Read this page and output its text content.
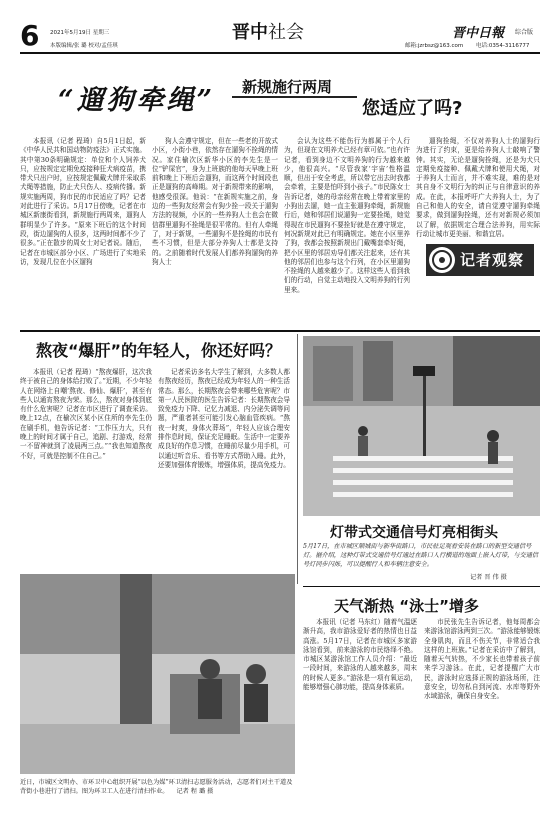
6 2021年5月19日 星期三
本版编辑/张 璐 校对/孟佳琪
晋中社会	晋中日報 综合版
邮箱:jzrbsz@163.com 电话:0354-3116777
“遛狗牵绳” 新规施行两周
您适应了吗?

本报讯（记者 程琦）自5月1日起，新《中华人民共和国动物防疫法》正式实施。其中第30条明确规定：单位和个人饲养犬只，应按规定定期免疫接种狂犬病疫苗，携带犬只出户时，应按规定佩戴犬牌并采取系犬绳等措施，防止犬只伤人、疫病传播。新规实施两周，狗市民的市民适应了吗？记者对此进行了采访。5月17日傍晚，记者在市城区新康街看到，新规施行两周来，遛狗人群明显少了许多。“原来下班后的这个时间段，街边遛狗的人很多，这两时间都不少了很多。”正在散步的周女士对记者说。随后，记者在市城区部分小区、广场进行了实地采访，发现几位在小区遛狗

狗人会遵守规定，但在一些老的开放式小区，小街小巷，依然存在遛狗不拴绳的情况。家住榆次区新华小区的李先生是一位“铲屎官”，身为上班族的他每天早晚上班前和晚上下班后会遛狗，而这两个时间段也正是遛狗的高峰期。对于新规带来的影响，他感受很深。他说：“在新规实施之前，身边的一些狗友经常会有狗少拴一段关于遛狗方法的视频，小区的一些养狗人士也会在微信群里遛狗不拴绳是很平常的。但有人牵绳了，对于新规，一些遛狗不是拴绳的市民有些不习惯，但是大部分养狗人士都是支持的。之前随着时代发展人们都养狗遛狗的养狗人士

会认为这些不能伤行为都属于个人行为，但现在文明养犬已经有章可依。”也有许记者，看到身边不文明养狗的行为越来越少，他很高兴。“尽管我家‘宇宙’性格温顺，但出于安全考虑，所以带它出去时我都会牵着，主要是怕吓到小孩子。”市民陈女士告诉记者，她的母亲经常在晚上带着家里的小狗出去遛，她一直主张遛狗牵绳，新规施行后，她和邻居们说遛狗一定要拴绳，她觉得现在市民遛狗不要拴好就是在遵守规定，何况新规对此已有明确规定。她在小区里养了狗，我都会按照新规出门戴嘴套牵好绳，把小区里的邻居劝导们都关注起来，还有其他的邻居们也参与这个行列，在小区里遛狗不拴绳的人越来越少了。这样这些人看到我们的行动，自觉主动地投入文明养狗的行列里来。

遛狗拴绳，不仅对养狗人士的遛狗行为进行了约束，更是给养狗人士敲响了警钟。其实，无论是遛狗拴绳，还是为犬只定期免疫接种、佩戴犬牌和使用犬绳，对于养狗人士而言，并不难实现，难的是对其自身不文明行为的纠正与自律意识的养成。在此，本报呼吁广大养狗人士，为了自己和他人的安全，请自觉遵守遛狗牵绳要求，做到遛狗拴绳，还有对新规必须加以了解，依据规定合理合法养狗，用实际行动让城市更美丽，和谐宜居。

记者观察
熬夜“爆肝”的年轻人，你还好吗？

本报讯（记者 程琦）“熬夜爆肝，这次我终于被自己的身体给打败了。”近期，不少年轻人在网络上自嘲‘熬夜、修仙、爆肝’，甚至有些人以通宵熬夜为荣。那么，熬夜对身体到底有什么危害呢？记者在市区进行了调查采访。晚上12点，在榆次区某小区住所的李先生仍在刷手机，他告诉记者：“工作压力大，只有晚上的时间才属于自己，追剧、打游戏，经常一不留神就到了凌晨两三点。”“我也知道熬夜不好，可就是控制不住自己。”

记者采访多名大学生了解到，大多数人都有熬夜经历，熬夜已经成为年轻人的一种生活常态。那么，长期熬夜会带来哪些危害呢？市第一人民医院的医生告诉记者：长期熬夜会导致免疫力下降、记忆力减退、内分泌失调等问题，严重者甚至可能引发心脑血管疾病。“熬夜一时爽，身体火葬场”，年轻人应该合理安排作息时间，保证充足睡眠。生活中一定要养成良好的作息习惯，在睡前尽量少用手机，可以通过听音乐、看书等方式帮助入睡。此外，还要加强体育锻炼，增强体质，提高免疫力。

灯带式交通信号灯亮相街头
5月17日，在市城区顺城街与新华街路口，市民驻足观看安装在路口的新型交通信号灯。据介绍，这种灯带式交通信号灯通过在路口人行横道的地面上嵌入灯带，与交通信号灯同步闪烁，可以提醒行人和车辆注意安全。
记者 晋 伟 摄
近日，市城区文明办、市环卫中心组织开展“以色为媒”环卫清扫志愿服务活动，志愿者们对主干道及背街小巷进行了清扫。图为环卫工人在进行清扫作业。 记者 程 璐 摄
天气渐热 “泳士”增多

本报讯（记者 马东红）随着气温逐渐升高，我市游泳爱好者的热情也日益高涨。5月17日，记者在市城区多家游泳馆看到，前来游泳的市民络绎不绝。市城区某游泳馆工作人员介绍：“最近一段时间，来游泳的人越来越多，周末的时候人更多。”游泳是一项有氧运动，能够增强心肺功能，提高身体素质。

市民张先生告诉记者，他每周都会来游泳馆游泳两到三次。“游泳能够锻炼全身肌肉，而且不伤关节，非常适合我这样的上班族。”记者在采访中了解到，随着天气转热，不少家长也带着孩子前来学习游泳。在此，记者提醒广大市民，游泳时应选择正规的游泳场所，注意安全，切勿私自到河流、水库等野外水域游泳，确保自身安全。
